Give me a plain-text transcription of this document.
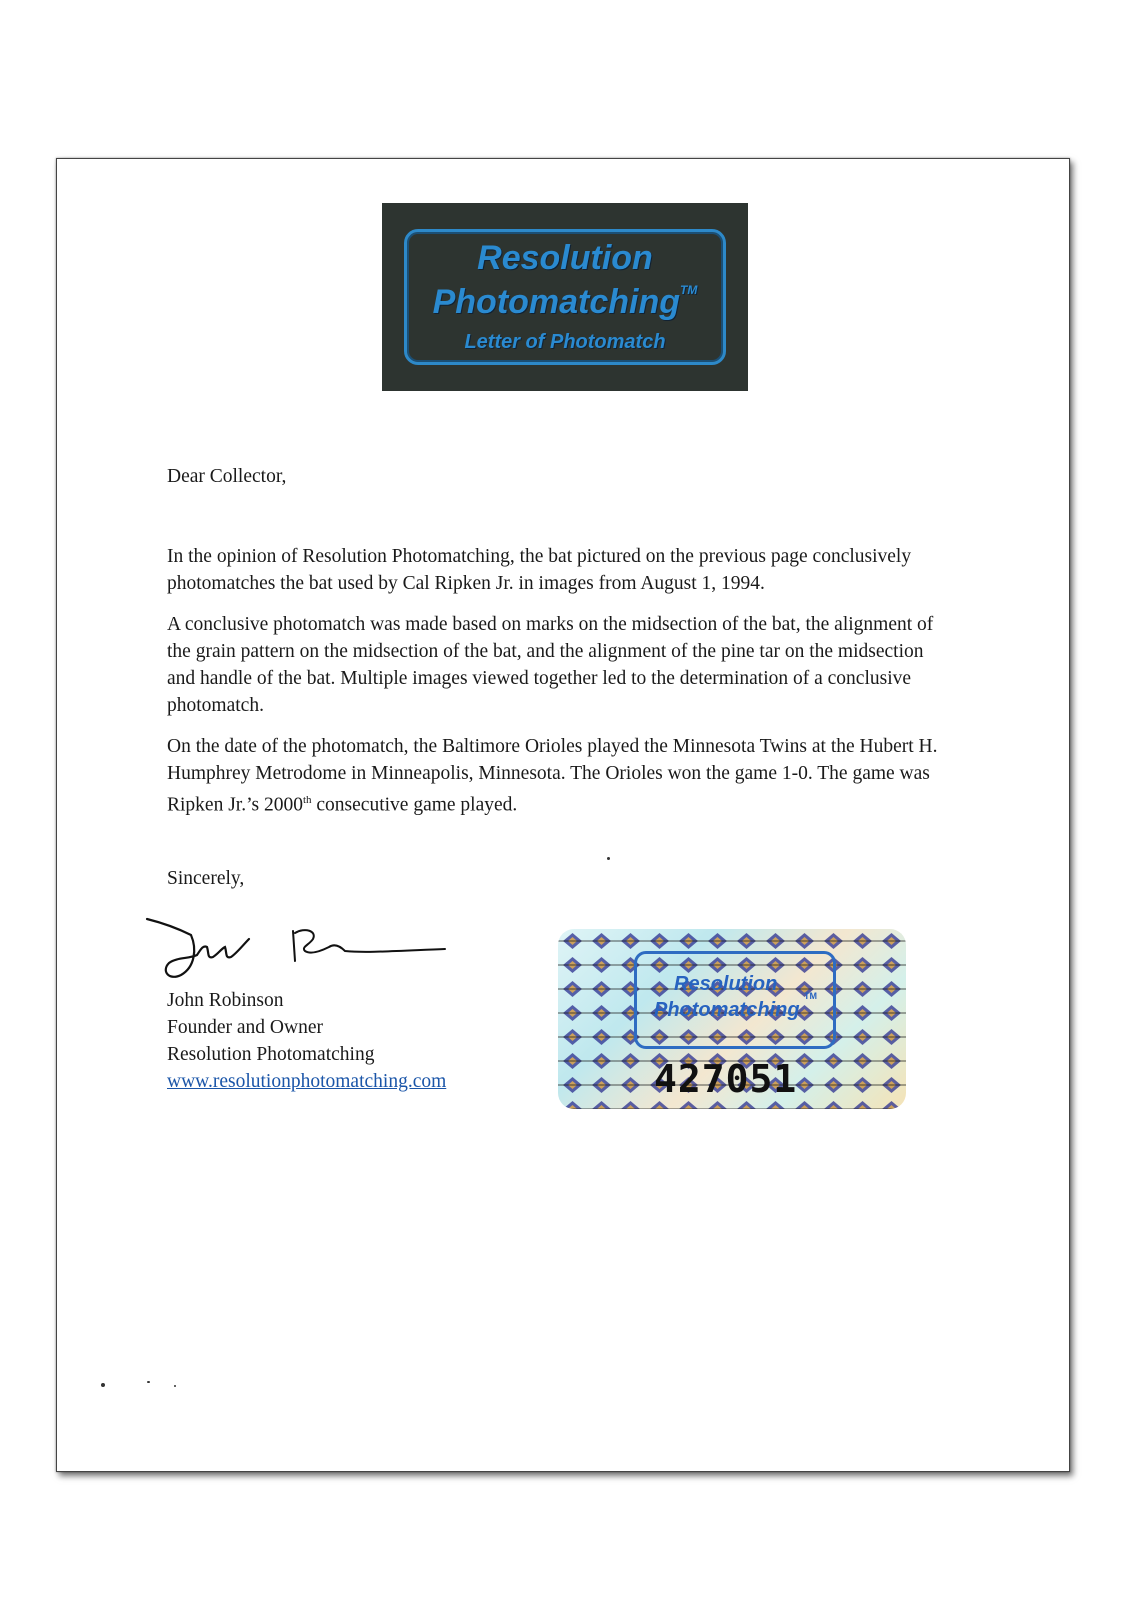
Resolution
Photomatching™
Letter of Photomatch

Dear Collector,

In the opinion of Resolution Photomatching, the bat pictured on the previous page conclusively photomatches the bat used by Cal Ripken Jr. in images from August 1, 1994.

A conclusive photomatch was made based on marks on the midsection of the bat, the alignment of the grain pattern on the midsection of the bat, and the alignment of the pine tar on the midsection and handle of the bat. Multiple images viewed together led to the determination of a conclusive photomatch.

On the date of the photomatch, the Baltimore Orioles played the Minnesota Twins at the Hubert H. Humphrey Metrodome in Minneapolis, Minnesota. The Orioles won the game 1-0. The game was Ripken Jr.’s 2000th consecutive game played.

Sincerely,

John Robinson
Founder and Owner
Resolution Photomatching
www.resolutionphotomatching.com
Resolution
Photomatching
TM
427051
